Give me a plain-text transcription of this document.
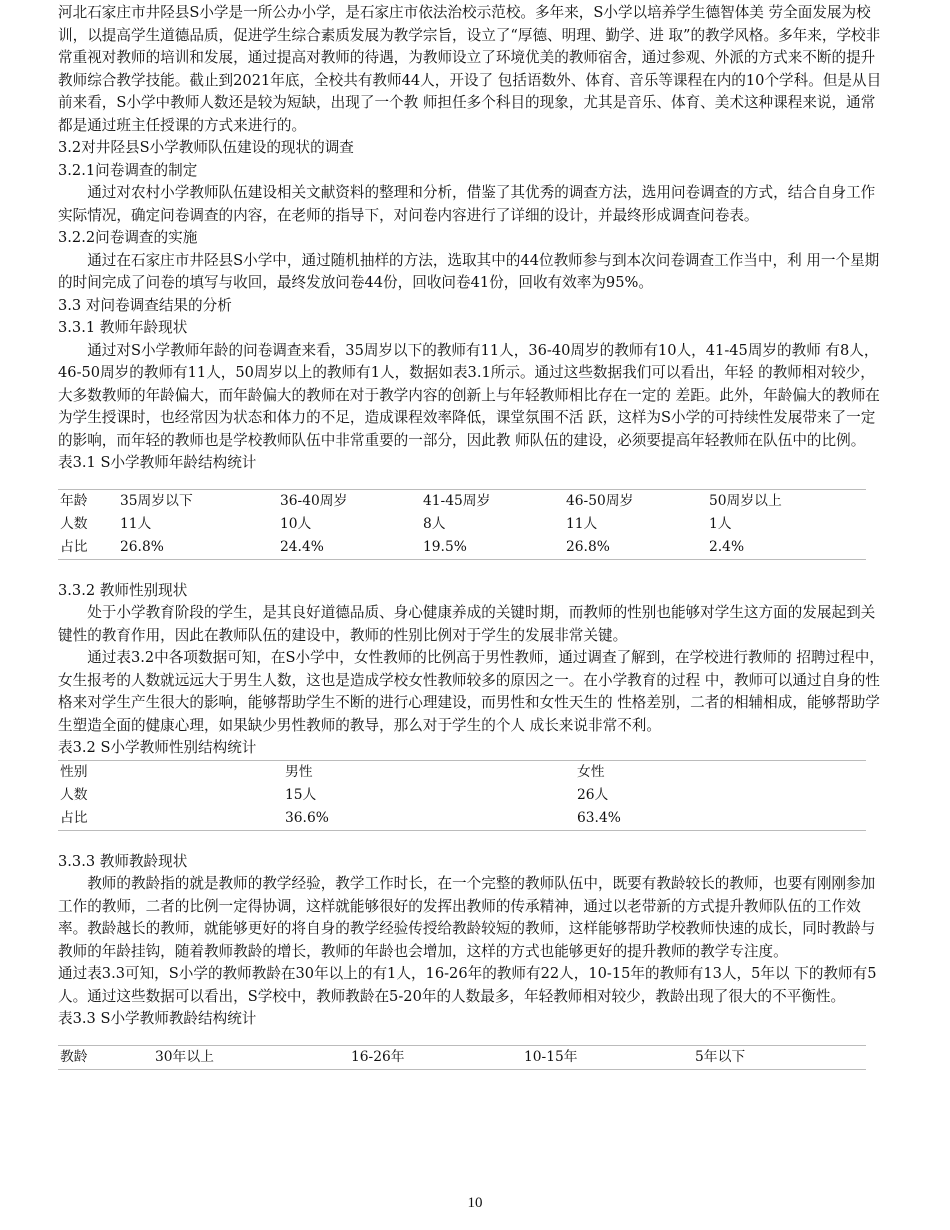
河北石家庄市井陉县S小学是一所公办小学，是石家庄市依法治校示范校。多年来，S小学以培养学生德智体美 劳全面发展为校训，以提高学生道德品质，促进学生综合素质发展为教学宗旨，设立了“厚德、明理、勤学、进 取”的教学风格。多年来，学校非常重视对教师的培训和发展，通过提高对教师的待遇，为教师设立了环境优美的教师宿舍，通过参观、外派的方式来不断的提升教师综合教学技能。截止到2021年底，全校共有教师44人，开设了 包括语数外、体育、音乐等课程在内的10个学科。但是从目前来看，S小学中教师人数还是较为短缺，出现了一个教 师担任多个科目的现象，尤其是音乐、体育、美术这种课程来说，通常都是通过班主任授课的方式来进行的。

3.2对井陉县S小学教师队伍建设的现状的调查

3.2.1问卷调查的制定

通过对农村小学教师队伍建设相关文献资料的整理和分析，借鉴了其优秀的调查方法，选用问卷调查的方式，结合自身工作实际情况，确定问卷调查的内容，在老师的指导下，对问卷内容进行了详细的设计，并最终形成调查问卷表。

3.2.2问卷调查的实施

通过在石家庄市井陉县S小学中，通过随机抽样的方法，选取其中的44位教师参与到本次问卷调查工作当中，利 用一个星期的时间完成了问卷的填写与收回，最终发放问卷44份，回收问卷41份，回收有效率为95%。

3.3 对问卷调查结果的分析

3.3.1 教师年龄现状

通过对S小学教师年龄的问卷调查来看，35周岁以下的教师有11人，36-40周岁的教师有10人，41-45周岁的教师 有8人，46-50周岁的教师有11人，50周岁以上的教师有1人，数据如表3.1所示。通过这些数据我们可以看出，年轻 的教师相对较少，大多数教师的年龄偏大，而年龄偏大的教师在对于教学内容的创新上与年轻教师相比存在一定的 差距。此外，年龄偏大的教师在为学生授课时，也经常因为状态和体力的不足，造成课程效率降低，课堂氛围不活 跃，这样为S小学的可持续性发展带来了一定的影响，而年轻的教师也是学校教师队伍中非常重要的一部分，因此教 师队伍的建设，必须要提高年轻教师在队伍中的比例。

表3.1 S小学教师年龄结构统计

年龄	35周岁以下	36-40周岁	41-45周岁	46-50周岁	50周岁以上
人数	11人	10人	8人	11人	1人
占比	26.8%	24.4%	19.5%	26.8%	2.4%

3.3.2 教师性别现状

处于小学教育阶段的学生，是其良好道德品质、身心健康养成的关键时期，而教师的性别也能够对学生这方面的发展起到关键性的教育作用，因此在教师队伍的建设中，教师的性别比例对于学生的发展非常关键。

通过表3.2中各项数据可知，在S小学中，女性教师的比例高于男性教师，通过调查了解到，在学校进行教师的 招聘过程中，女生报考的人数就远远大于男生人数，这也是造成学校女性教师较多的原因之一。在小学教育的过程 中，教师可以通过自身的性格来对学生产生很大的影响，能够帮助学生不断的进行心理建设，而男性和女性天生的 性格差别，二者的相辅相成，能够帮助学生塑造全面的健康心理，如果缺少男性教师的教导，那么对于学生的个人 成长来说非常不利。

表3.2 S小学教师性别结构统计

性别	男性	女性
人数	15人	26人
占比	36.6%	63.4%

3.3.3 教师教龄现状

教师的教龄指的就是教师的教学经验，教学工作时长，在一个完整的教师队伍中，既要有教龄较长的教师，也要有刚刚参加工作的教师，二者的比例一定得协调，这样就能够很好的发挥出教师的传承精神，通过以老带新的方式提升教师队伍的工作效率。教龄越长的教师，就能够更好的将自身的教学经验传授给教龄较短的教师，这样能够帮助学校教师快速的成长，同时教龄与教师的年龄挂钩，随着教师教龄的增长，教师的年龄也会增加，这样的方式也能够更好的提升教师的教学专注度。

通过表3.3可知，S小学的教师教龄在30年以上的有1人，16-26年的教师有22人，10-15年的教师有13人，5年以 下的教师有5人。通过这些数据可以看出，S学校中，教师教龄在5-20年的人数最多，年轻教师相对较少，教龄出现了很大的不平衡性。

表3.3 S小学教师教龄结构统计

教龄	30年以上	16-26年	10-15年	5年以下
10
